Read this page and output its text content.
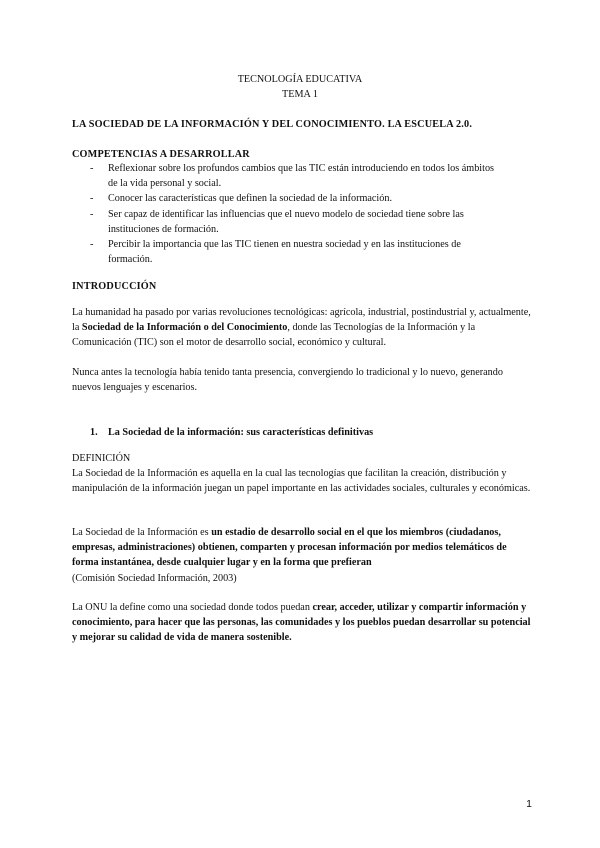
TECNOLOGÍA EDUCATIVA
TEMA 1
LA SOCIEDAD DE LA INFORMACIÓN Y DEL CONOCIMIENTO. LA ESCUELA 2.0.
COMPETENCIAS A DESARROLLAR
- Reflexionar sobre los profundos cambios que las TIC están introduciendo en todos los ámbitos de la vida personal y social.
- Conocer las características que definen la sociedad de la información.
- Ser capaz de identificar las influencias que el nuevo modelo de sociedad tiene sobre las instituciones de formación.
- Percibir la importancia que las TIC tienen en nuestra sociedad y en las instituciones de formación.
INTRODUCCIÓN

La humanidad ha pasado por varias revoluciones tecnológicas: agrícola, industrial, postindustrial y, actualmente, la Sociedad de la Información o del Conocimiento, donde las Tecnologías de la Información y la Comunicación (TIC) son el motor de desarrollo social, económico y cultural.

Nunca antes la tecnología había tenido tanta presencia, convergiendo lo tradicional y lo nuevo, generando nuevos lenguajes y escenarios.

1. La Sociedad de la información: sus características definitivas
DEFINICIÓN

La Sociedad de la Información es aquella en la cual las tecnologías que facilitan la creación, distribución y manipulación de la información juegan un papel importante en las actividades sociales, culturales y económicas.

La Sociedad de la Información es un estadio de desarrollo social en el que los miembros (ciudadanos, empresas, administraciones) obtienen, comparten y procesan información por medios telemáticos de forma instantánea, desde cualquier lugar y en la forma que prefieran
(Comisión Sociedad Información, 2003)

La ONU la define como una sociedad donde todos puedan crear, acceder, utilizar y compartir información y conocimiento, para hacer que las personas, las comunidades y los pueblos puedan desarrollar su potencial y mejorar su calidad de vida de manera sostenible.

1
